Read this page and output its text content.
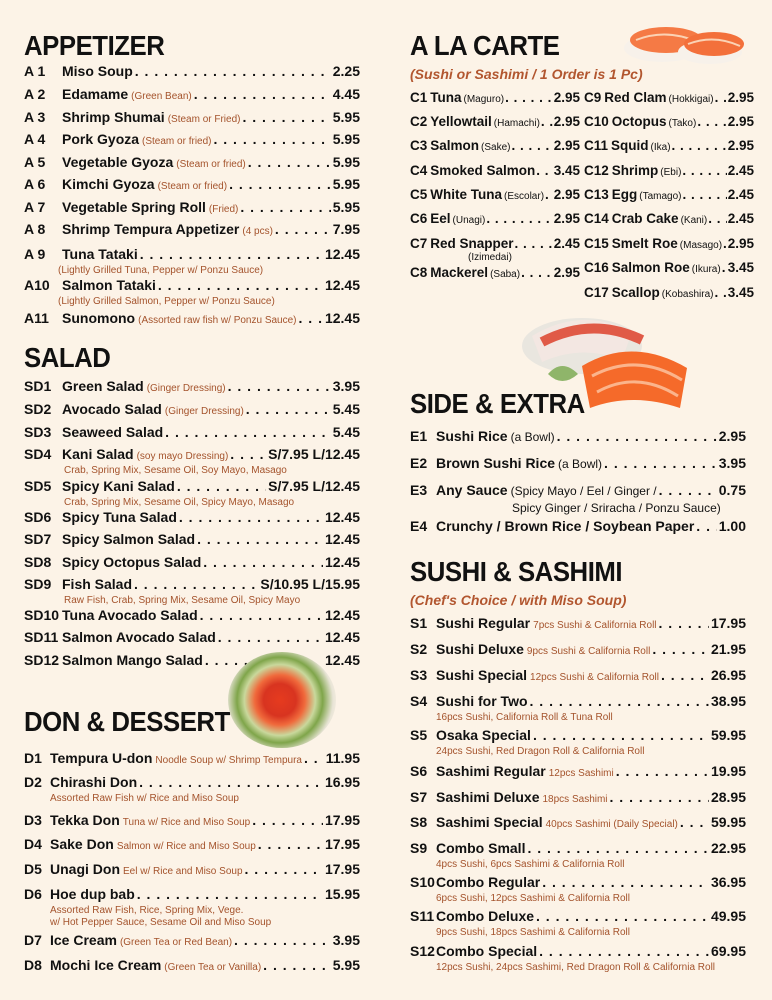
APPETIZER
A 1	Miso Soup . . .	2.25
A 2	Edamame (Green Bean) . . .	4.45
A 3	Shrimp Shumai (Steam or Fried) . . .	5.95
A 4	Pork Gyoza (Steam or fried) . . .	5.95
A 5	Vegetable Gyoza (Steam or fried) . . .	5.95
A 6	Kimchi Gyoza (Steam or fried) . . .	5.95
A 7	Vegetable Spring Roll (Fried) . . .	5.95
A 8	Shrimp Tempura Appetizer (4 pcs) . . .	7.95
A 9	Tuna Tataki . . .	12.45
(Lightly Grilled Tuna, Pepper w/ Ponzu Sauce)
A10 Salmon Tataki . . .	12.45
(Lightly Grilled Salmon, Pepper w/ Ponzu Sauce)
A11 Sunomono (Assorted raw fish w/ Ponzu Sauce) . . . 12.45
SALAD
SD1 Green Salad (Ginger Dressing) . . .	3.95
SD2 Avocado Salad (Ginger Dressing) . . .	5.45
SD3 Seaweed Salad . . .	5.45
SD4 Kani Salad (soy mayo Dressing) . . .	S/7.95 L/12.45
Crab, Spring Mix, Sesame Oil, Soy Mayo, Masago
SD5 Spicy Kani Salad . . .	S/7.95 L/12.45
Crab, Spring Mix, Sesame Oil, Spicy Mayo, Masago
SD6 Spicy Tuna Salad . . .	12.45
SD7 Spicy Salmon Salad . . .	12.45
SD8 Spicy Octopus Salad . . .	12.45
SD9 Fish Salad . . .	S/10.95 L/15.95
Raw Fish, Crab, Spring Mix, Sesame Oil, Spicy Mayo
SD10 Tuna Avocado Salad . . .	12.45
SD11 Salmon Avocado Salad . . .	12.45
SD12 Salmon Mango Salad . . .	12.45
DON & DESSERT
D1 Tempura U-don Noodle Soup w/ Shrimp Tempura . . . 11.95
D2 Chirashi Don . . .	16.95
Assorted Raw Fish w/ Rice and Miso Soup
D3 Tekka Don Tuna w/ Rice and Miso Soup . . .	17.95
D4 Sake Don Salmon w/ Rice and Miso Soup . . .	17.95
D5 Unagi Don Eel w/ Rice and Miso Soup . . .	17.95
D6 Hoe dup bab . . .	15.95
Assorted Raw Fish, Rice, Spring Mix, Vege.
w/ Hot Pepper Sauce, Sesame Oil and Miso Soup
D7 Ice Cream (Green Tea or Red Bean) . . .	3.95
D8 Mochi Ice Cream (Green Tea or Vanilla) . . .	5.95
A LA CARTE
(Sushi or Sashimi / 1 Order is 1 Pc)
C1 Tuna (Maguro) . . .	2.95
C2 Yellowtail (Hamachi) . . . 2.95
C3 Salmon (Sake) . . .	2.95
C4 Smoked Salmon . . . 3.45
C5 White Tuna (Escolar) . . . 2.95
C6 Eel (Unagi) . . .	2.95
C7 Red Snapper . . .	2.45
(Izimedai)
C8 Mackerel (Saba) . . . 2.95
C9 Red Clam (Hokkigai) . . . 2.95
C10 Octopus (Tako) . . . 2.95
C11 Squid (Ika) . . .	2.95
C12 Shrimp (Ebi) . . .	2.45
C13 Egg (Tamago) . . .	2.45
C14 Crab Cake (Kani) . . . 2.45
C15 Smelt Roe (Masago) . . . 2.95
C16 Salmon Roe (Ikura) . . . 3.45
C17 Scallop (Kobashira) . . . 3.45
SIDE & EXTRA
E1 Sushi Rice (a Bowl) . . .	2.95
E2 Brown Sushi Rice (a Bowl) . . .	3.95
E3 Any Sauce (Spicy Mayo / Eel / Ginger / . . .	0.75
Spicy Ginger / Sriracha / Ponzu Sauce)
E4 Crunchy / Brown Rice / Soybean Paper . . . 1.00
SUSHI & SASHIMI
(Chef's Choice / with Miso Soup)
S1 Sushi Regular 7pcs Sushi & California Roll . . .	17.95
S2 Sushi Deluxe 9pcs Sushi & California Roll . . .	21.95
S3 Sushi Special 12pcs Sushi & California Roll . . .	26.95
S4 Sushi for Two . . .	38.95
16pcs Sushi, California Roll & Tuna Roll
S5 Osaka Special . . .	59.95
24pcs Sushi, Red Dragon Roll & California Roll
S6 Sashimi Regular 12pcs Sashimi . . .	19.95
S7 Sashimi Deluxe 18pcs Sashimi . . .	28.95
S8 Sashimi Special 40pcs Sashimi (Daily Special) . . . 59.95
S9 Combo Small . . .	22.95
4pcs Sushi, 6pcs Sashimi & California Roll
S10 Combo Regular . . .	36.95
6pcs Sushi, 12pcs Sashimi & California Roll
S11 Combo Deluxe . . .	49.95
9pcs Sushi, 18pcs Sashimi & California Roll
S12 Combo Special . . .	69.95
12pcs Sushi, 24pcs Sashimi, Red Dragon Roll & California Roll
